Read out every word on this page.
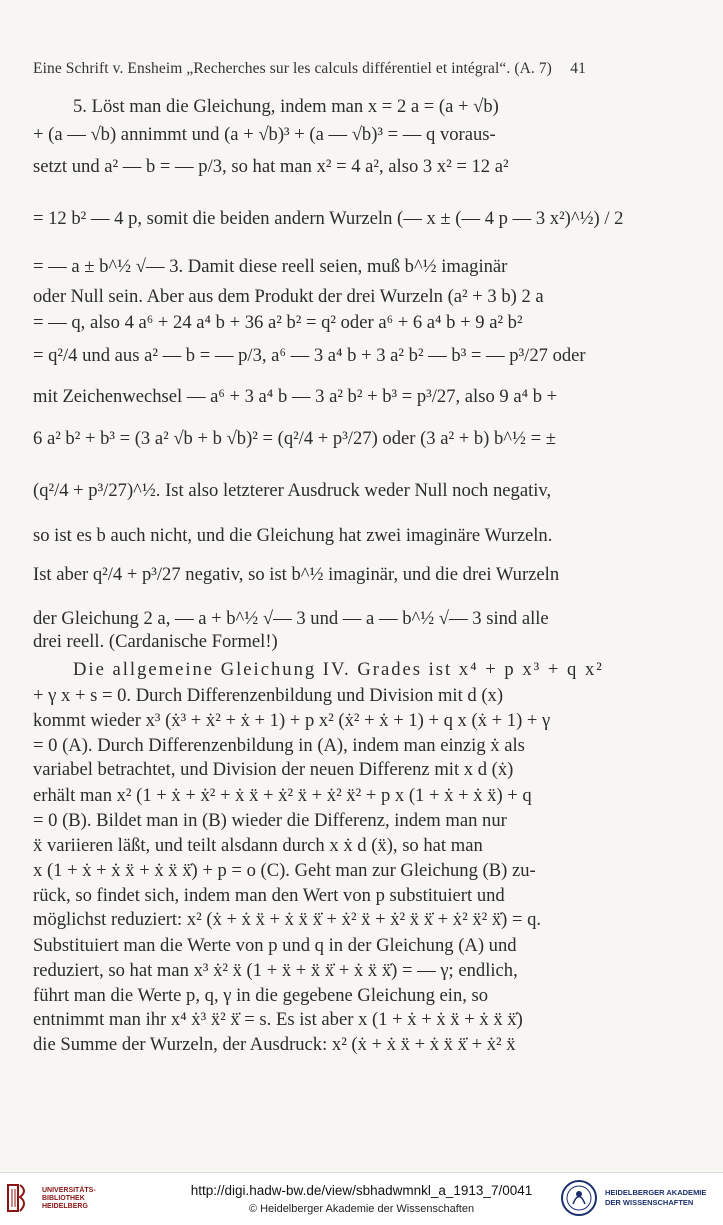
Eine Schrift v. Ensheim „Recherches sur les calculs différentiel et intégral“. (A. 7) 41
5. Löst man die Gleichung, indem man x = 2 a = (a + √b)
+ (a — √b) annimmt und (a + √b)³ + (a — √b)³ = — q voraus-
setzt und a² — b = — p/3, so hat man x² = 4 a², also 3 x² = 12 a²
= 12 b² — 4 p, somit die beiden andern Wurzeln (— x ± (— 4 p — 3 x²)^½) / 2
= — a ± b^½ √— 3. Damit diese reell seien, muß b^½ imaginär
oder Null sein. Aber aus dem Produkt der drei Wurzeln (a² + 3 b) 2 a
= — q, also 4 a⁶ + 24 a⁴ b + 36 a² b² = q² oder a⁶ + 6 a⁴ b + 9 a² b²
= q²/4 und aus a² — b = — p/3, a⁶ — 3 a⁴ b + 3 a² b² — b³ = — p³/27 oder
mit Zeichenwechsel — a⁶ + 3 a⁴ b — 3 a² b² + b³ = p³/27, also 9 a⁴ b +
6 a² b² + b³ = (3 a² √b + b √b)² = (q²/4 + p³/27) oder (3 a² + b) b^½ = ±
(q²/4 + p³/27)^½. Ist also letzterer Ausdruck weder Null noch negativ,
so ist es b auch nicht, und die Gleichung hat zwei imaginäre Wurzeln.
Ist aber q²/4 + p³/27 negativ, so ist b^½ imaginär, und die drei Wurzeln
der Gleichung 2 a, — a + b^½ √— 3 und — a — b^½ √— 3 sind alle
drei reell. (Cardanische Formel!)
Die allgemeine Gleichung IV. Grades ist x⁴ + p x³ + q x²
+ γ x + s = 0. Durch Differenzenbildung und Division mit d (x)
kommt wieder x³ (ẋ³ + ẋ² + ẋ + 1) + p x² (ẋ² + ẋ + 1) + q x (ẋ + 1) + γ
= 0 (A). Durch Differenzenbildung in (A), indem man einzig ẋ als
variabel betrachtet, und Division der neuen Differenz mit x d (ẋ)
erhält man x² (1 + ẋ + ẋ² + ẋ ẍ + ẋ² ẍ + ẋ² ẍ² + p x (1 + ẋ + ẋ ẍ) + q
= 0 (B). Bildet man in (B) wieder die Differenz, indem man nur
ẍ variieren läßt, und teilt alsdann durch x ẋ d (ẍ), so hat man
x (1 + ẋ + ẋ ẍ + ẋ ẍ ẍ̇) + p = o (C). Geht man zur Gleichung (B) zu-
rück, so findet sich, indem man den Wert von p substituiert und
möglichst reduziert: x² (ẋ + ẋ ẍ + ẋ ẍ ẍ̇ + ẋ² ẍ + ẋ² ẍ ẍ̇ + ẋ² ẍ² ẍ̇) = q.
Substituiert man die Werte von p und q in der Gleichung (A) und
reduziert, so hat man x³ ẋ² ẍ (1 + ẍ + ẍ ẍ̇ + ẋ ẍ ẍ̇) = — γ; endlich,
führt man die Werte p, q, γ in die gegebene Gleichung ein, so
entnimmt man ihr x⁴ ẋ³ ẍ² ẍ̇ = s. Es ist aber x (1 + ẋ + ẋ ẍ + ẋ ẍ ẍ̇)
die Summe der Wurzeln, der Ausdruck: x² (ẋ + ẋ ẍ + ẋ ẍ ẍ̇ + ẋ² ẍ
UNIVERSITÄTS- BIBLIOTHEK HEIDELBERG
http://digi.hadw-bw.de/view/sbhadwmnkl_a_1913_7/0041
© Heidelberger Akademie der Wissenschaften
HEIDELBERGER AKADEMIE DER WISSENSCHAFTEN
